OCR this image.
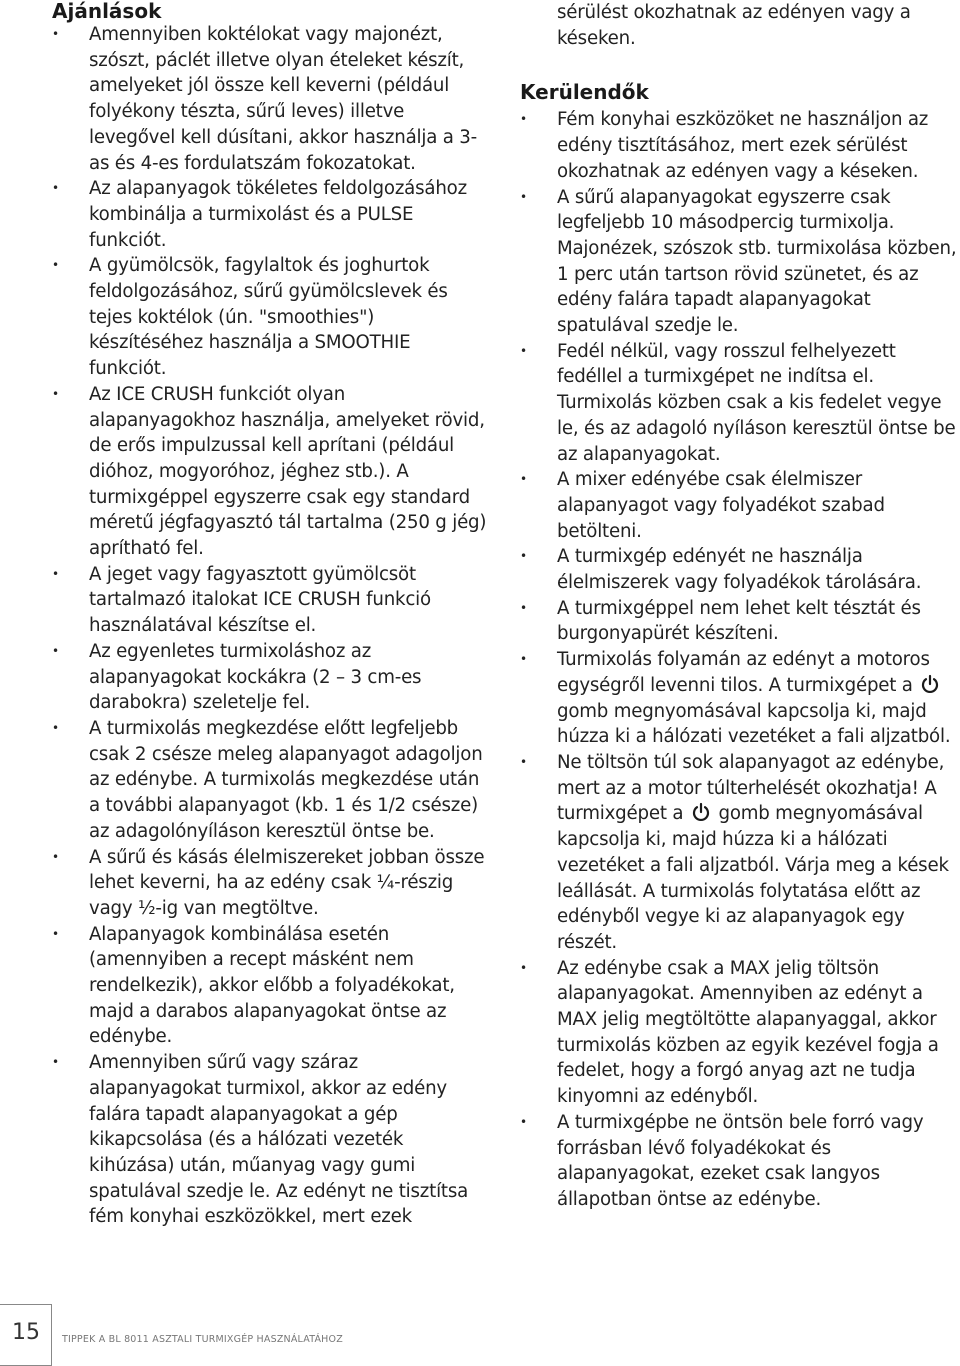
Ajánlások
• Amennyiben koktélokat vagy majonézt, szószt, páclét illetve olyan ételeket készít, amelyeket jól össze kell keverni (például folyékony tészta, sűrű leves) illetve levegővel kell dúsítani, akkor használja a 3-as és 4-es fordulatszám fokozatokat.
• Az alapanyagok tökéletes feldolgozásához kombinálja a turmixolást és a PULSE funkciót.
• A gyümölcsök, fagylaltok és joghurtok feldolgozásához, sűrű gyümölcslevek és tejes koktélok (ún. "smoothies") készítéséhez használja a SMOOTHIE funkciót.
• Az ICE CRUSH funkciót olyan alapanyagokhoz használja, amelyeket rövid, de erős impulzussal kell aprítani (például dióhoz, mogyoróhoz, jéghez stb.). A turmixgéppel egyszerre csak egy standard méretű jégfagyasztó tál tartalma (250 g jég) aprítható fel.
• A jeget vagy fagyasztott gyümölcsöt tartalmazó italokat ICE CRUSH funkció használatával készítse el.
• Az egyenletes turmixoláshoz az alapanyagokat kockákra (2 – 3 cm-es darabokra) szeletelje fel.
• A turmixolás megkezdése előtt legfeljebb csak 2 csésze meleg alapanyagot adagoljon az edénybe. A turmixolás megkezdése után a további alapanyagot (kb. 1 és 1/2 csésze) az adagolónyíláson keresztül öntse be.
• A sűrű és kásás élelmiszereket jobban össze lehet keverni, ha az edény csak ¼-részig vagy ½-ig van megtöltve.
• Alapanyagok kombinálása esetén (amennyiben a recept másként nem rendelkezik), akkor előbb a folyadékokat, majd a darabos alapanyagokat öntse az edénybe.
• Amennyiben sűrű vagy száraz alapanyagokat turmixol, akkor az edény falára tapadt alapanyagokat a gép kikapcsolása (és a hálózati vezeték kihúzása) után, műanyag vagy gumi spatulával szedje le. Az edényt ne tisztítsa fém konyhai eszközökkel, mert ezek

sérülést okozhatnak az edényen vagy a késeken.

Kerülendők
• Fém konyhai eszközöket ne használjon az edény tisztításához, mert ezek sérülést okozhatnak az edényen vagy a késeken.
• A sűrű alapanyagokat egyszerre csak legfeljebb 10 másodpercig turmixolja. Majonézek, szószok stb. turmixolása közben, 1 perc után tartson rövid szünetet, és az edény falára tapadt alapanyagokat spatulával szedje le.
• Fedél nélkül, vagy rosszul felhelyezett fedéllel a turmixgépet ne indítsa el. Turmixolás közben csak a kis fedelet vegye le, és az adagoló nyíláson keresztül öntse be az alapanyagokat.
• A mixer edényébe csak élelmiszer alapanyagot vagy folyadékot szabad betölteni.
• A turmixgép edényét ne használja élelmiszerek vagy folyadékok tárolására.
• A turmixgéppel nem lehet kelt tésztát és burgonyapürét készíteni.
• Turmixolás folyamán az edényt a motoros egységről levenni tilos. A turmixgépet a  gomb megnyomásával kapcsolja ki, majd húzza ki a hálózati vezetéket a fali aljzatból.
• Ne töltsön túl sok alapanyagot az edénybe, mert az a motor túlterhelését okozhatja! A turmixgépet a gomb megnyomásával kapcsolja ki, majd húzza ki a hálózati vezetéket a fali aljzatból. Várja meg a kések leállását. A turmixolás folytatása előtt az edényből vegye ki az alapanyagok egy részét.
• Az edénybe csak a MAX jelig töltsön alapanyagokat. Amennyiben az edényt a MAX jelig megtöltötte alapanyaggal, akkor turmixolás közben az egyik kezével fogja a fedelet, hogy a forgó anyag azt ne tudja kinyomni az edényből.
• A turmixgépbe ne öntsön bele forró vagy forrásban lévő folyadékokat és alapanyagokat, ezeket csak langyos állapotban öntse az edénybe.
15	TIPPEK A BL 8011 ASZTALI TURMIXGÉP HASZNÁLATÁHOZ
